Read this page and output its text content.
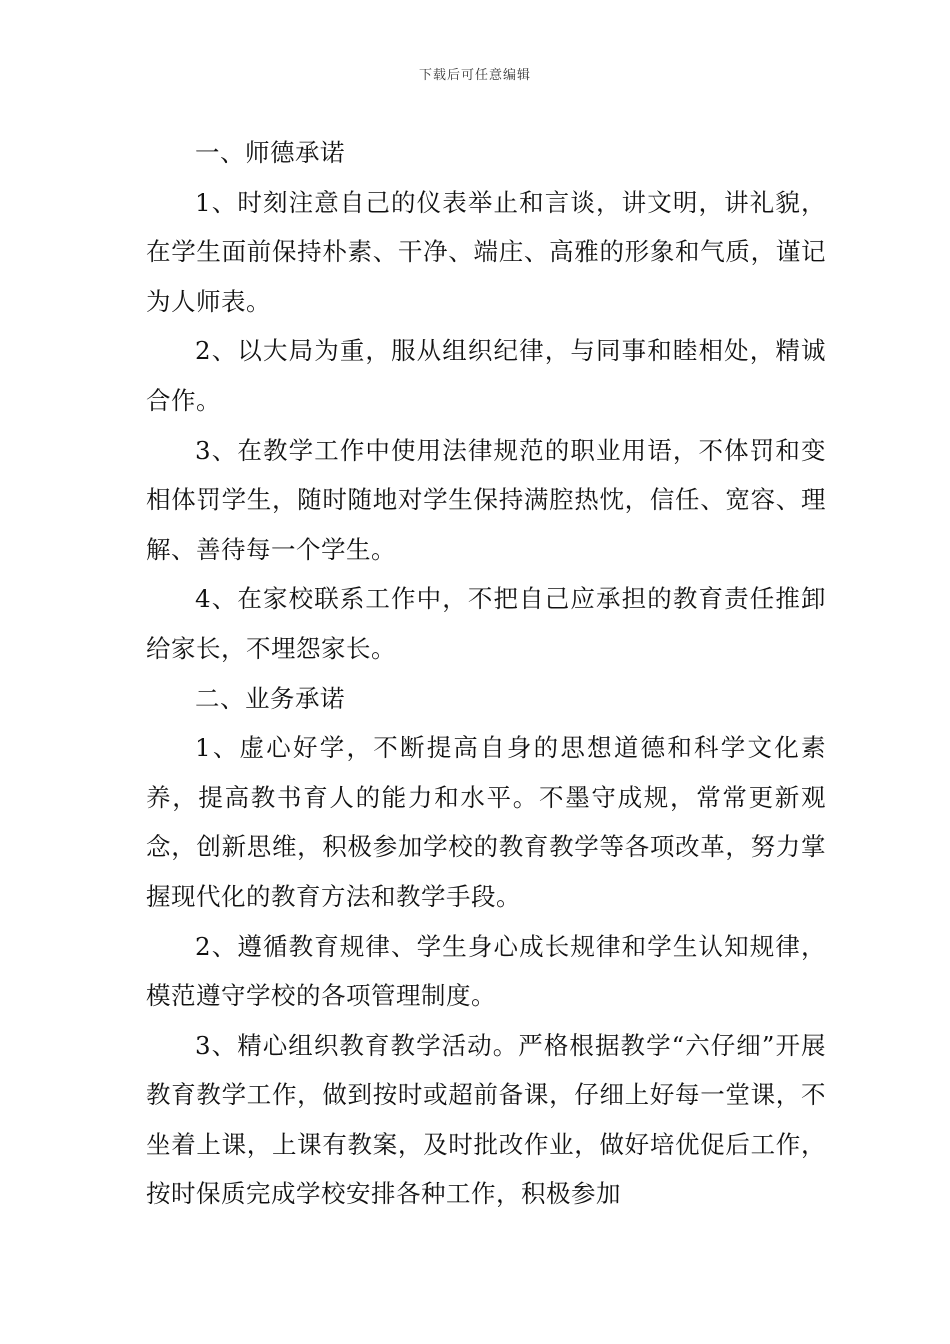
下载后可任意编辑

一、师德承诺

1、时刻注意自己的仪表举止和言谈，讲文明，讲礼貌，在学生面前保持朴素、干净、端庄、高雅的形象和气质，谨记为人师表。

2、以大局为重，服从组织纪律，与同事和睦相处，精诚合作。

3、在教学工作中使用法律规范的职业用语，不体罚和变相体罚学生，随时随地对学生保持满腔热忱，信任、宽容、理解、善待每一个学生。

4、在家校联系工作中，不把自己应承担的教育责任推卸给家长，不埋怨家长。

二、业务承诺

1、虚心好学，不断提高自身的思想道德和科学文化素养，提高教书育人的能力和水平。不墨守成规，常常更新观念，创新思维，积极参加学校的教育教学等各项改革，努力掌握现代化的教育方法和教学手段。

2、遵循教育规律、学生身心成长规律和学生认知规律，模范遵守学校的各项管理制度。

3、精心组织教育教学活动。严格根据教学“六仔细”开展教育教学工作，做到按时或超前备课，仔细上好每一堂课，不坐着上课，上课有教案，及时批改作业，做好培优促后工作，按时保质完成学校安排各种工作，积极参加
